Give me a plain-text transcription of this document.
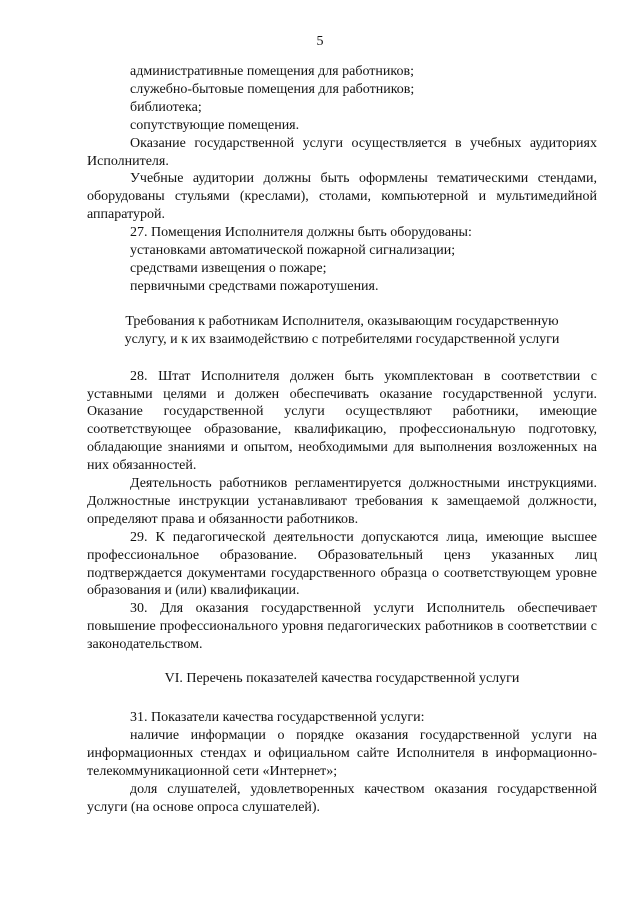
5

административные помещения для работников;

служебно-бытовые помещения для работников;

библиотека;

сопутствующие помещения.

Оказание государственной услуги осуществляется в учебных аудиториях Исполнителя.

Учебные аудитории должны быть оформлены тематическими стендами, оборудованы стульями (креслами), столами, компьютерной и мультимедийной аппаратурой.

27. Помещения Исполнителя должны быть оборудованы:

установками автоматической пожарной сигнализации;

средствами извещения о пожаре;

первичными средствами пожаротушения.

Требования к работникам Исполнителя, оказывающим государственную услугу, и к их взаимодействию с потребителями государственной услуги

28. Штат Исполнителя должен быть укомплектован в соответствии с уставными целями и должен обеспечивать оказание государственной услуги. Оказание государственной услуги осуществляют работники, имеющие соответствующее образование, квалификацию, профессиональную подготовку, обладающие знаниями и опытом, необходимыми для выполнения возложенных на них обязанностей.

Деятельность работников регламентируется должностными инструкциями. Должностные инструкции устанавливают требования к замещаемой должности, определяют права и обязанности работников.

29. К педагогической деятельности допускаются лица, имеющие высшее профессиональное образование. Образовательный ценз указанных лиц подтверждается документами государственного образца о соответствующем уровне образования и (или) квалификации.

30. Для оказания государственной услуги Исполнитель обеспечивает повышение профессионального уровня педагогических работников в соответствии с законодательством.

VI. Перечень показателей качества государственной услуги

31. Показатели качества государственной услуги:

наличие информации о порядке оказания государственной услуги на информационных стендах и официальном сайте Исполнителя в информационно-телекоммуникационной сети «Интернет»;

доля слушателей, удовлетворенных качеством оказания государственной услуги (на основе опроса слушателей).
